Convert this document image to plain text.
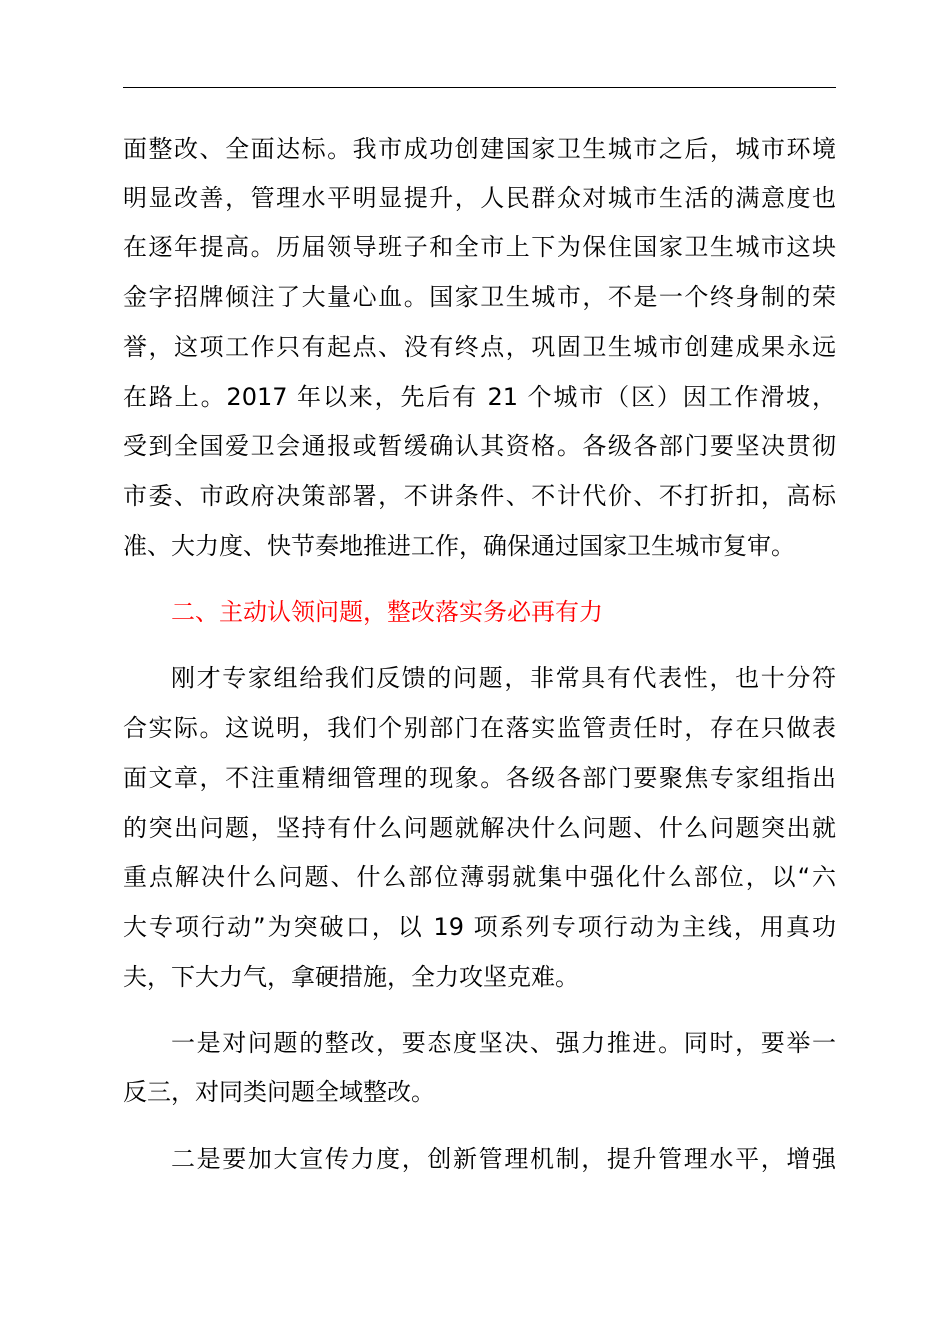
面整改、全面达标。我市成功创建国家卫生城市之后，城市环境
明显改善，管理水平明显提升，人民群众对城市生活的满意度也
在逐年提高。历届领导班子和全市上下为保住国家卫生城市这块
金字招牌倾注了大量心血。国家卫生城市，不是一个终身制的荣
誉，这项工作只有起点、没有终点，巩固卫生城市创建成果永远
在路上。2017 年以来，先后有 21 个城市（区）因工作滑坡，
受到全国爱卫会通报或暂缓确认其资格。各级各部门要坚决贯彻
市委、市政府决策部署，不讲条件、不计代价、不打折扣，高标
准、大力度、快节奏地推进工作，确保通过国家卫生城市复审。
二、主动认领问题，整改落实务必再有力
刚才专家组给我们反馈的问题，非常具有代表性，也十分符
合实际。这说明，我们个别部门在落实监管责任时，存在只做表
面文章，不注重精细管理的现象。各级各部门要聚焦专家组指出
的突出问题，坚持有什么问题就解决什么问题、什么问题突出就
重点解决什么问题、什么部位薄弱就集中强化什么部位，以“六
大专项行动”为突破口，以 19 项系列专项行动为主线，用真功
夫，下大力气，拿硬措施，全力攻坚克难。
一是对问题的整改，要态度坚决、强力推进。同时，要举一
反三，对同类问题全域整改。
二是要加大宣传力度，创新管理机制，提升管理水平，增强
